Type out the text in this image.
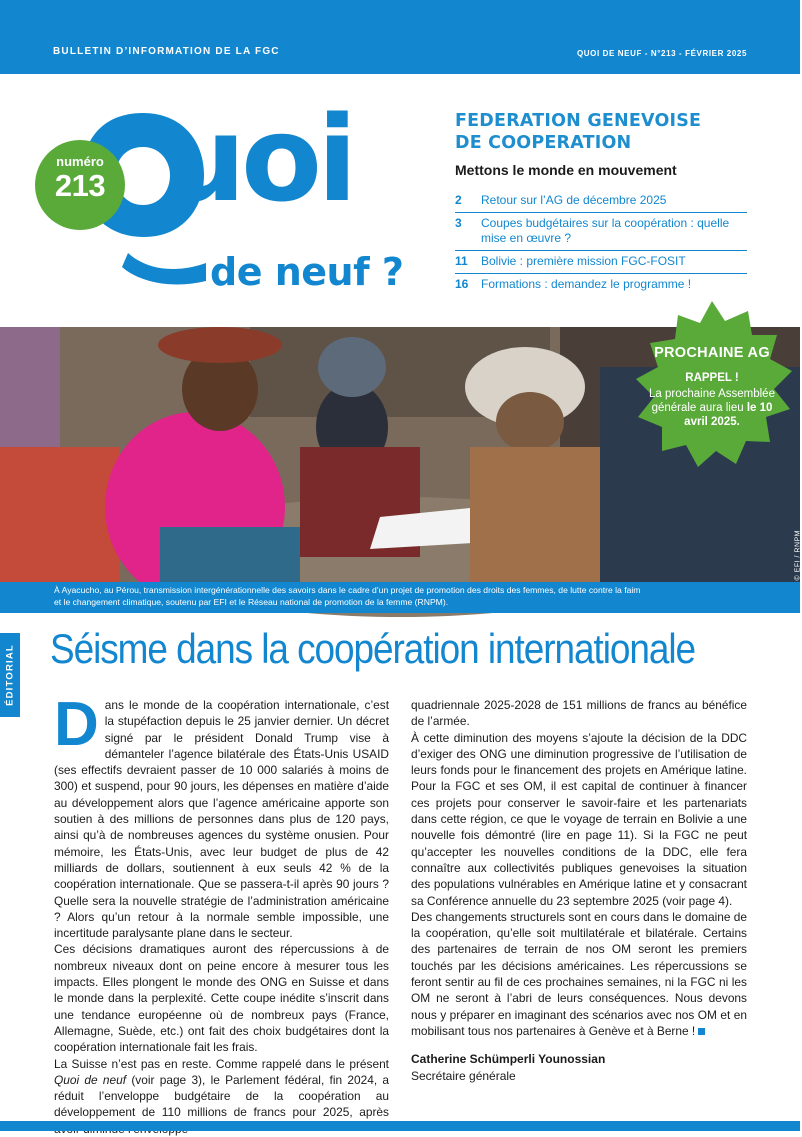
BULLETIN D’INFORMATION DE LA FGC	QUOI DE NEUF - N°213 - FÉVRIER 2025
uoi
de neuf ?
numéro
213
FEDERATION GENEVOISE
DE COOPERATION
Mettons le monde en mouvement
2	Retour sur l’AG de décembre 2025
3	Coupes budgétaires sur la coopération : quelle mise en œuvre ?
11	Bolivie : première mission FGC-FOSIT
16	Formations : demandez le programme !
© EFI / RNPM
PROCHAINE AG
RAPPEL !
La prochaine Assemblée générale aura lieu le 10 avril 2025.
À Ayacucho, au Pérou, transmission intergénérationnelle des savoirs dans le cadre d’un projet de promotion des droits des femmes, de lutte contre la faim et le changement climatique, soutenu par EFI et le Réseau national de promotion de la femme (RNPM).
ÉDITORIAL Séisme dans la coopération internationale

Dans le monde de la coopération internationale, c’est la stupéfaction depuis le 25 janvier dernier. Un décret signé par le président Donald Trump vise à démanteler l’agence bilatérale des États-Unis USAID (ses effectifs devraient passer de 10 000 salariés à moins de 300) et suspend, pour 90 jours, les dépenses en matière d’aide au développement alors que l’agence américaine apporte son soutien à des millions de personnes dans plus de 120 pays, ainsi qu’à de nombreuses agences du système onusien. Pour mémoire, les États-Unis, avec leur budget de plus de 42 milliards de dollars, soutiennent à eux seuls 42 % de la coopération internationale. Que se passera-t-il après 90 jours ? Quelle sera la nouvelle stratégie de l’administration américaine ? Alors qu’un retour à la normale semble impossible, une incertitude paralysante plane dans le secteur.

Ces décisions dramatiques auront des répercussions à de nombreux niveaux dont on peine encore à mesurer tous les impacts. Elles plongent le monde des ONG en Suisse et dans le monde dans la perplexité. Cette coupe inédite s’inscrit dans une tendance européenne où de nombreux pays (France, Allemagne, Suède, etc.) ont fait des choix budgétaires dont la coopération internationale fait les frais.

La Suisse n’est pas en reste. Comme rappelé dans le présent Quoi de neuf (voir page 3), le Parlement fédéral, fin 2024, a réduit l’enveloppe budgétaire de la coopération au développement de 110 millions de francs pour 2025, après

quadriennale 2025-2028 de 151 millions de francs au bénéfice de l’armée.

À cette diminution des moyens s’ajoute la décision de la DDC d’exiger des ONG une diminution progressive de l’utilisation de leurs fonds pour le financement des projets en Amérique latine. Pour la FGC et ses OM, il est capital de continuer à financer ces projets pour conserver le savoir-faire et les partenariats dans cette région, ce que le voyage de terrain en Bolivie a une nouvelle fois démontré (lire en page 11). Si la FGC ne peut qu’accepter les nouvelles conditions de la DDC, elle fera connaître aux collectivités publiques genevoises la situation des populations vulnérables en Amérique latine et y consacrant sa Conférence annuelle du 23 septembre 2025 (voir page 4).

Des changements structurels sont en cours dans le domaine de la coopération, qu’elle soit multilatérale et bilatérale. Certains des partenaires de terrain de nos OM seront les premiers touchés par les décisions américaines. Les répercussions se feront sentir au fil de ces prochaines semaines, ni la FGC ni les OM ne seront à l’abri de leurs conséquences. Nous devons nous y préparer en imaginant des scénarios avec nos OM et en mobilisant tous nos partenaires à Genève et à Berne !

Catherine Schümperli Younossian
Secrétaire générale
